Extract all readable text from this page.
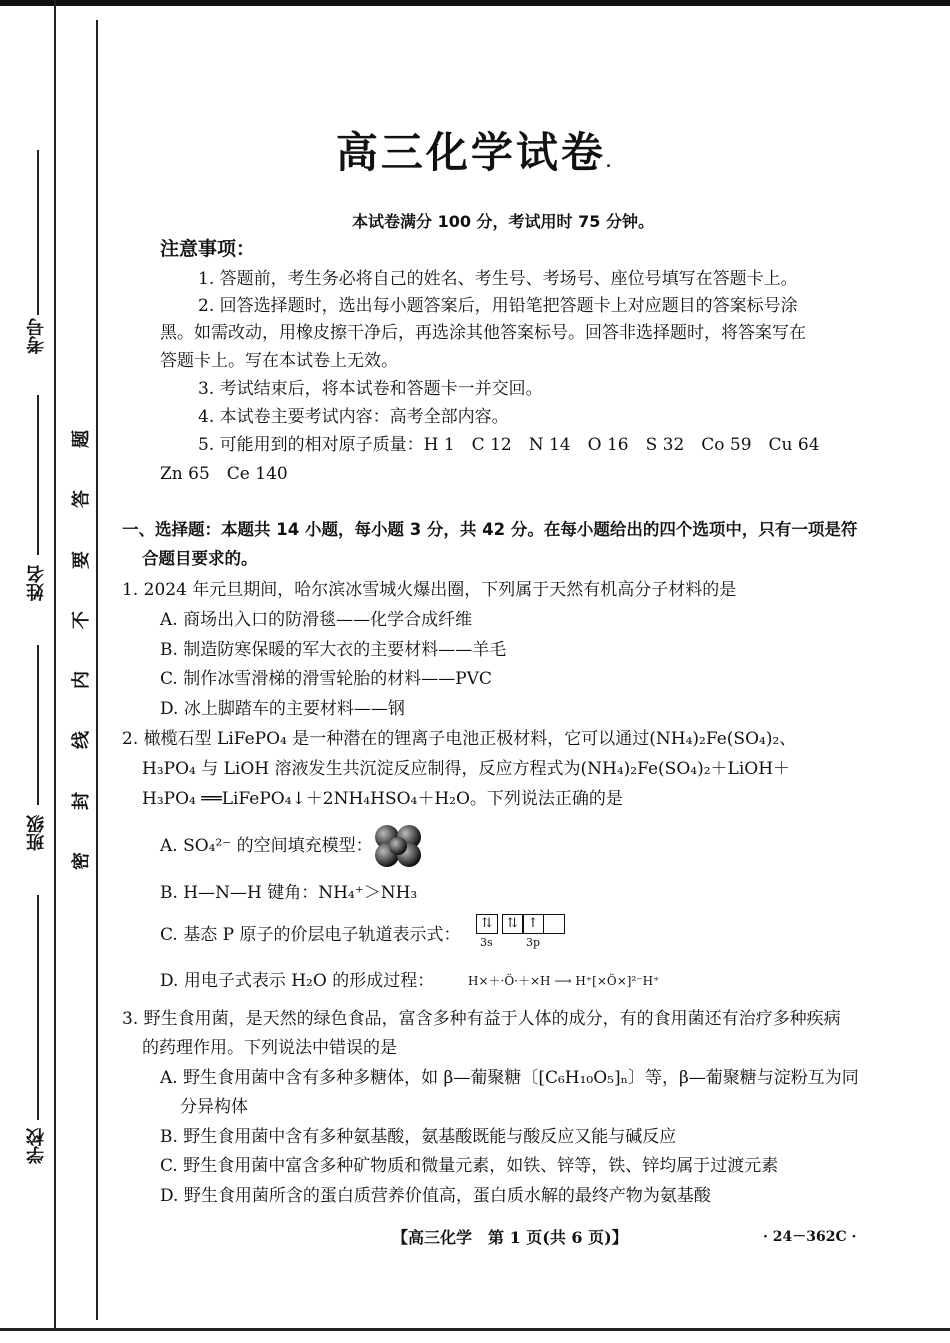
考号
姓名
班级
学校
题
答
要
不
内
线
封
密
高三化学试卷.
本试卷满分 100 分，考试用时 75 分钟。
注意事项：
1. 答题前，考生务必将自己的姓名、考生号、考场号、座位号填写在答题卡上。
2. 回答选择题时，选出每小题答案后，用铅笔把答题卡上对应题目的答案标号涂
黑。如需改动，用橡皮擦干净后，再选涂其他答案标号。回答非选择题时，将答案写在
答题卡上。写在本试卷上无效。
3. 考试结束后，将本试卷和答题卡一并交回。
4. 本试卷主要考试内容：高考全部内容。
5. 可能用到的相对原子质量：H 1　C 12　N 14　O 16　S 32　Co 59　Cu 64
Zn 65　Ce 140
一、选择题：本题共 14 小题，每小题 3 分，共 42 分。在每小题给出的四个选项中，只有一项是符
合题目要求的。
1. 2024 年元旦期间，哈尔滨冰雪城火爆出圈，下列属于天然有机高分子材料的是
A. 商场出入口的防滑毯——化学合成纤维
B. 制造防寒保暖的军大衣的主要材料——羊毛
C. 制作冰雪滑梯的滑雪轮胎的材料——PVC
D. 冰上脚踏车的主要材料——钢
2. 橄榄石型 LiFePO₄ 是一种潜在的锂离子电池正极材料，它可以通过(NH₄)₂Fe(SO₄)₂、
H₃PO₄ 与 LiOH 溶液发生共沉淀反应制得，反应方程式为(NH₄)₂Fe(SO₄)₂＋LiOH＋
H₃PO₄ ══LiFePO₄↓＋2NH₄HSO₄＋H₂O。下列说法正确的是
A. SO₄²⁻ 的空间填充模型：
B. H—N—H 键角：NH₄⁺＞NH₃
C. 基态 P 原子的价层电子轨道表示式：
⇅ ⇅ ↑
3s	3p
D. 用电子式表示 H₂O 的形成过程：	H×＋·Ö·＋×H ⟶ H⁺[×Ö×]²⁻H⁺
3. 野生食用菌，是天然的绿色食品，富含多种有益于人体的成分，有的食用菌还有治疗多种疾病
的药理作用。下列说法中错误的是
A. 野生食用菌中含有多种多糖体，如 β—葡聚糖〔[C₆H₁₀O₅]ₙ〕等，β—葡聚糖与淀粉互为同
分异构体
B. 野生食用菌中含有多种氨基酸，氨基酸既能与酸反应又能与碱反应
C. 野生食用菌中富含多种矿物质和微量元素，如铁、锌等，铁、锌均属于过渡元素
D. 野生食用菌所含的蛋白质营养价值高，蛋白质水解的最终产物为氨基酸
【高三化学　第 1 页(共 6 页)】	· 24－362C ·
